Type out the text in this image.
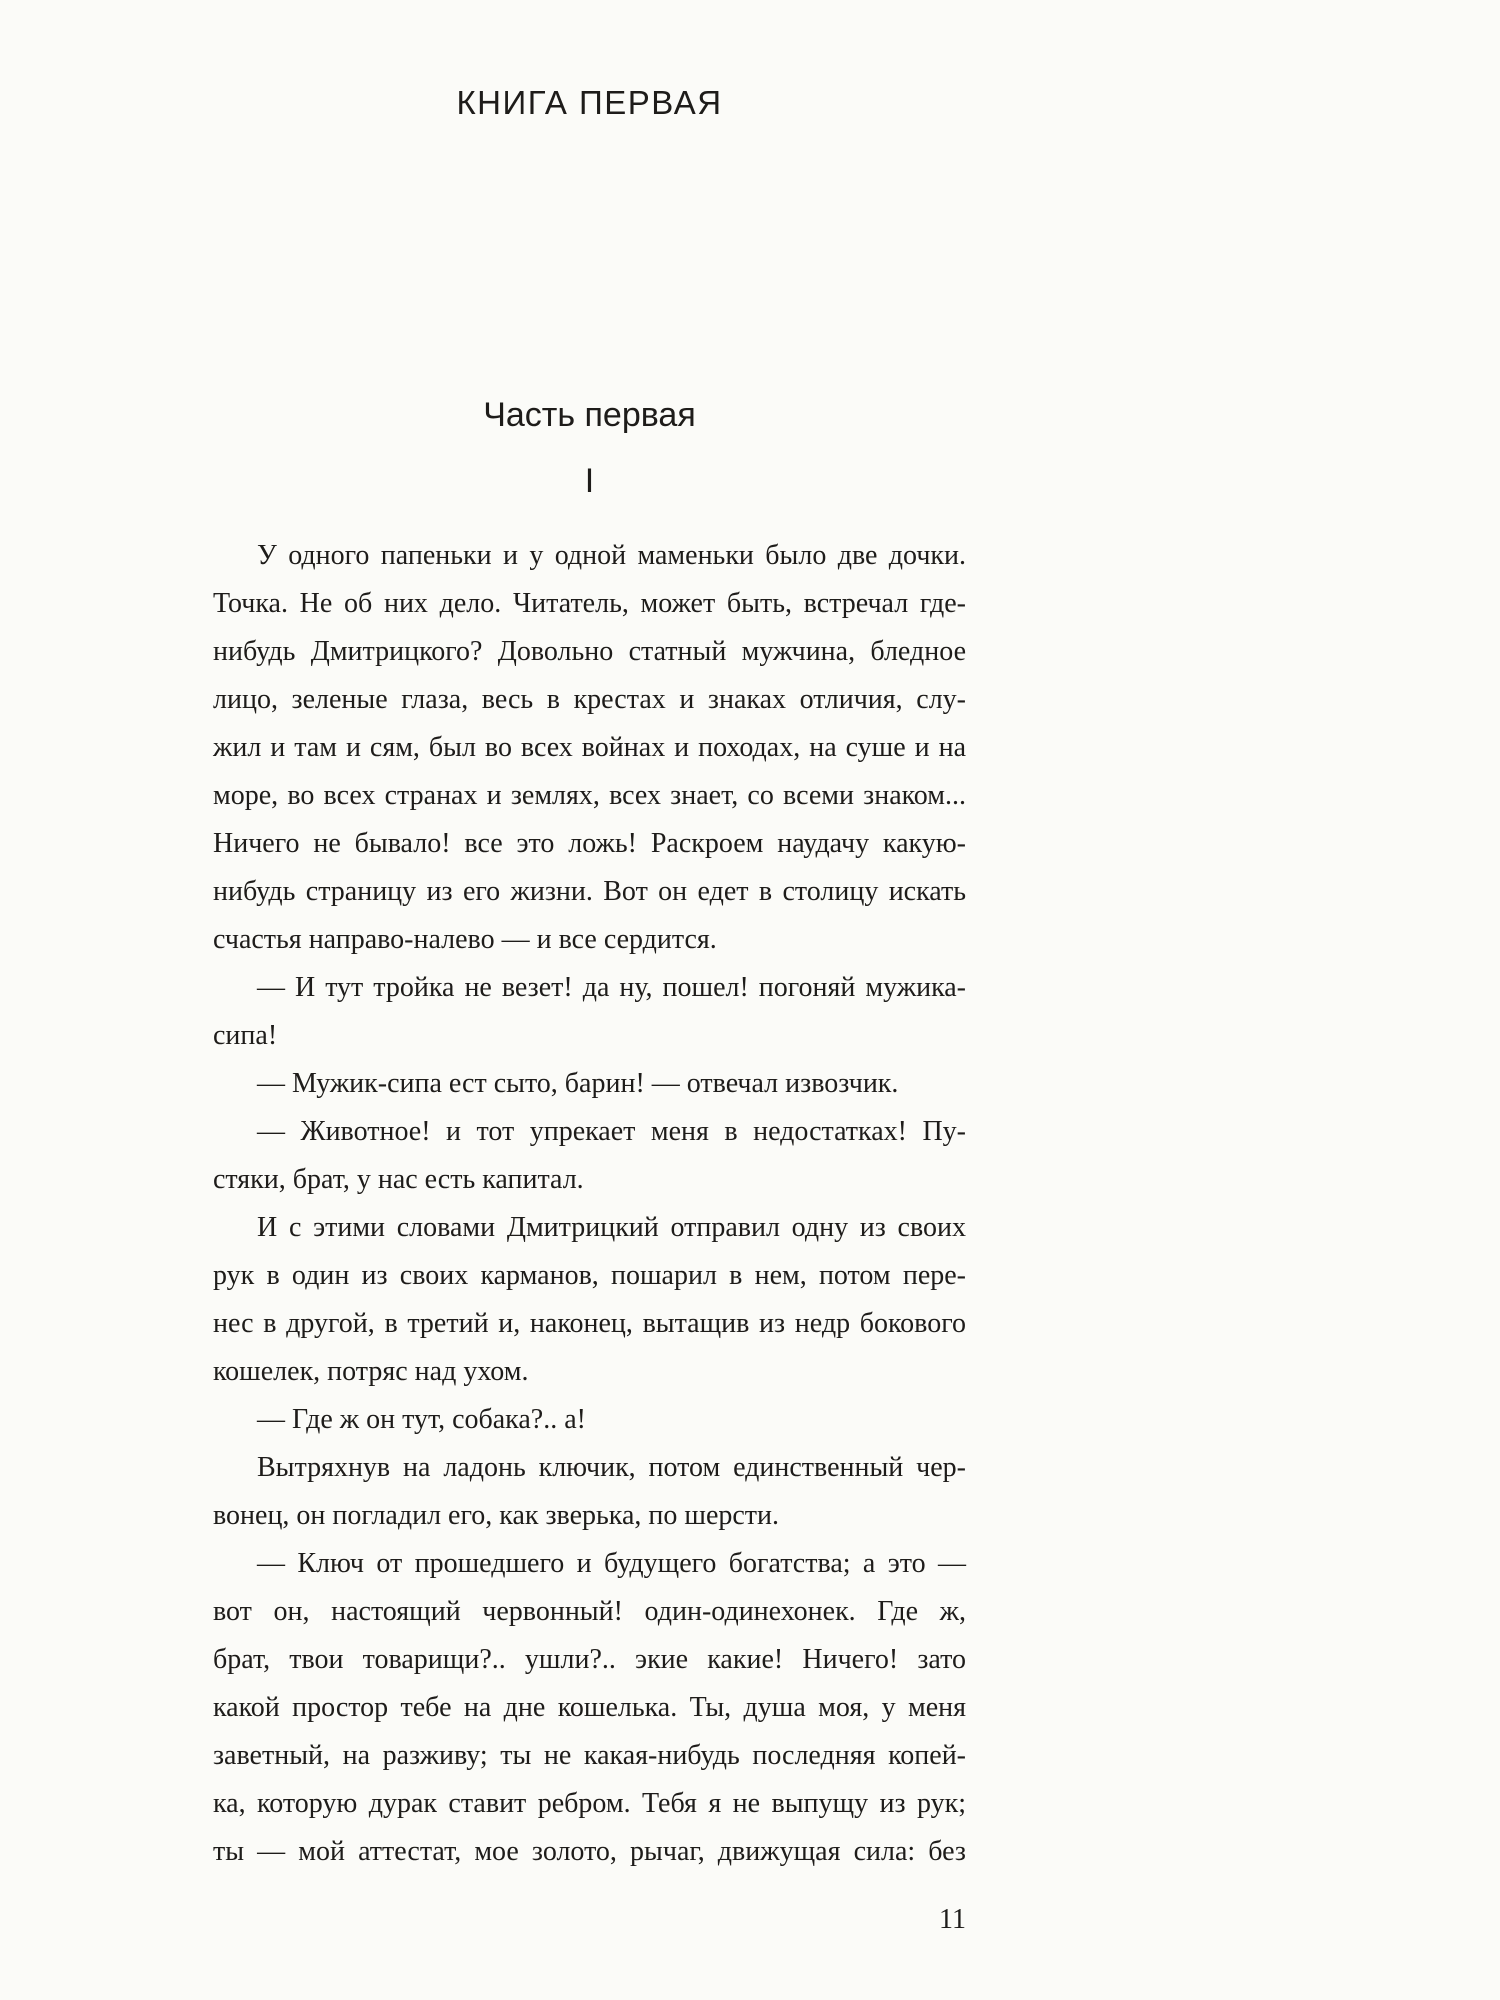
КНИГА ПЕРВАЯ
Часть первая
I
У одного папеньки и у одной маменьки было две дочки.
Точка. Не об них дело. Читатель, может быть, встречал где-
нибудь Дмитрицкого? Довольно статный мужчина, бледное
лицо, зеленые глаза, весь в крестах и знаках отличия, слу-
жил и там и сям, был во всех войнах и походах, на суше и на
море, во всех странах и землях, всех знает, со всеми знаком...
Ничего не бывало! все это ложь! Раскроем наудачу какую-
нибудь страницу из его жизни. Вот он едет в столицу искать
счастья направо-налево — и все сердится.
— И тут тройка не везет! да ну, пошел! погоняй мужика-
сипа!
— Мужик-сипа ест сыто, барин! — отвечал извозчик.
— Животное! и тот упрекает меня в недостатках! Пу-
стяки, брат, у нас есть капитал.
И с этими словами Дмитрицкий отправил одну из своих
рук в один из своих карманов, пошарил в нем, потом пере-
нес в другой, в третий и, наконец, вытащив из недр бокового
кошелек, потряс над ухом.
— Где ж он тут, собака?.. а!
Вытряхнув на ладонь ключик, потом единственный чер-
вонец, он погладил его, как зверька, по шерсти.
— Ключ от прошедшего и будущего богатства; а это —
вот он, настоящий червонный! один-одинехонек. Где ж,
брат, твои товарищи?.. ушли?.. экие какие! Ничего! зато
какой простор тебе на дне кошелька. Ты, душа моя, у меня
заветный, на разживу; ты не какая-нибудь последняя копей-
ка, которую дурак ставит ребром. Тебя я не выпущу из рук;
ты — мой аттестат, мое золото, рычаг, движущая сила: без
11
